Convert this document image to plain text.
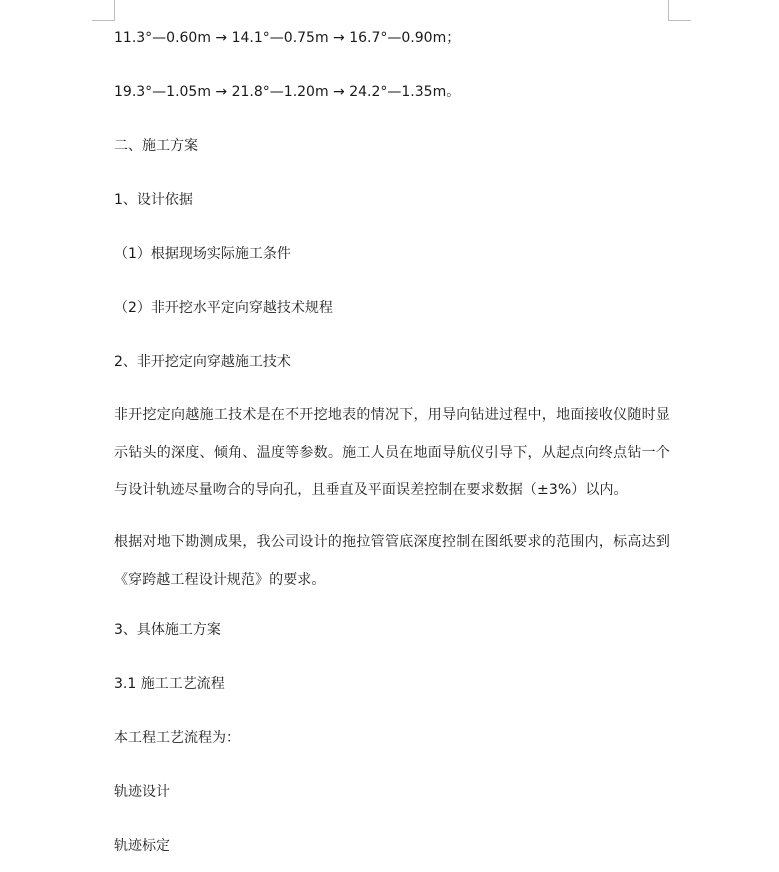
11.3°—0.60m → 14.1°—0.75m → 16.7°—0.90m；
19.3°—1.05m → 21.8°—1.20m → 24.2°—1.35m。
二、施工方案
1、设计依据
（1）根据现场实际施工条件
（2）非开挖水平定向穿越技术规程
2、非开挖定向穿越施工技术
非开挖定向越施工技术是在不开挖地表的情况下，用导向钻进过程中，地面接收仪随时显示钻头的深度、倾角、温度等参数。施工人员在地面导航仪引导下，从起点向终点钻一个与设计轨迹尽量吻合的导向孔，且垂直及平面误差控制在要求数据（±3%）以内。
根据对地下勘测成果，我公司设计的拖拉管管底深度控制在图纸要求的范围内，标高达到《穿跨越工程设计规范》的要求。
3、具体施工方案
3.1 施工工艺流程
本工程工艺流程为：
轨迹设计
轨迹标定
